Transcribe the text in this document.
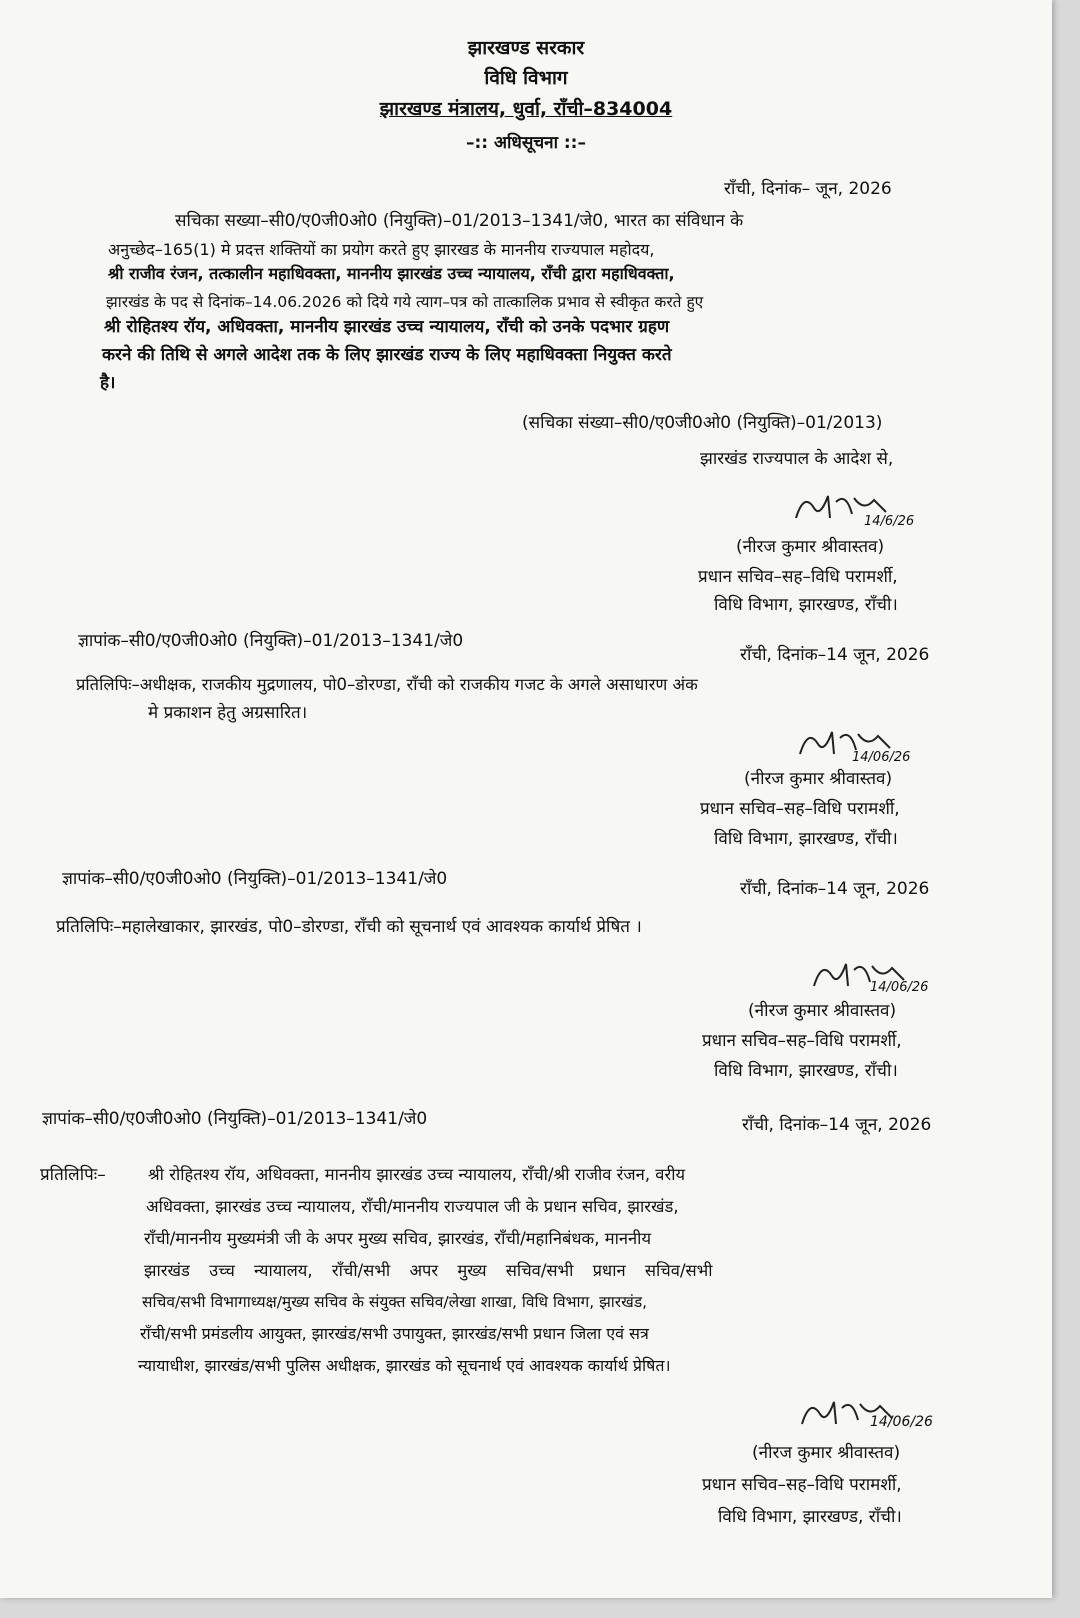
झारखण्ड सरकार
विधि विभाग
झारखण्ड मंत्रालय, धुर्वा, रॉंची–834004
–:: अधिसूचना ::–
रॉंची, दिनांक– जून, 2026
सचिका सख्या–सी0/ए0जी0ओ0 (नियुक्ति)–01/2013–1341/जे0, भारत का संविधान के
अनुच्छेद–165(1) मे प्रदत्त शक्तियों का प्रयोग करते हुए झारखड के माननीय राज्यपाल महोदय,
श्री राजीव रंजन, तत्कालीन महाधिवक्ता, माननीय झारखंड उच्च न्यायालय, राँची द्वारा महाधिवक्ता,
झारखंड के पद से दिनांक–14.06.2026 को दिये गये त्याग–पत्र को तात्कालिक प्रभाव से स्वीकृत करते हुए
श्री रोहितश्य रॉय, अधिवक्ता, माननीय झारखंड उच्च न्यायालय, रॉंची को उनके पदभार ग्रहण
करने की तिथि से अगले आदेश तक के लिए झारखंड राज्य के लिए महाधिवक्ता नियुक्त करते
है।
(सचिका संख्या–सी0/ए0जी0ओ0 (नियुक्ति)–01/2013)
झारखंड राज्यपाल के आदेश से,
14/6/26
(नीरज कुमार श्रीवास्तव)
प्रधान सचिव–सह–विधि परामर्शी,
विधि विभाग, झारखण्ड, रॉंची।
ज्ञापांक–सी0/ए0जी0ओ0 (नियुक्ति)–01/2013–1341/जे0
रॉंची, दिनांक–14 जून, 2026
प्रतिलिपिः–अधीक्षक, राजकीय मुद्रणालय, पो0–डोरण्डा, राँची को राजकीय गजट के अगले असाधारण अंक
मे प्रकाशन हेतु अग्रसारित।
14/06/26
(नीरज कुमार श्रीवास्तव)
प्रधान सचिव–सह–विधि परामर्शी,
विधि विभाग, झारखण्ड, रॉंची।
ज्ञापांक–सी0/ए0जी0ओ0 (नियुक्ति)–01/2013–1341/जे0	रॉंची, दिनांक–14 जून, 2026
प्रतिलिपिः–महालेखाकार, झारखंड, पो0–डोरण्डा, रॉंची को सूचनार्थ एवं आवश्यक कार्यार्थ प्रेषित ।
14/06/26
(नीरज कुमार श्रीवास्तव)
प्रधान सचिव–सह–विधि परामर्शी,
विधि विभाग, झारखण्ड, रॉंची।
ज्ञापांक–सी0/ए0जी0ओ0 (नियुक्ति)–01/2013–1341/जे0	रॉंची, दिनांक–14 जून, 2026
प्रतिलिपिः–	श्री रोहितश्य रॉय, अधिवक्ता, माननीय झारखंड उच्च न्यायालय, रॉंची/श्री राजीव रंजन, वरीय
अधिवक्ता, झारखंड उच्च न्यायालय, रॉंची/माननीय राज्यपाल जी के प्रधान सचिव, झारखंड,
रॉंची/माननीय मुख्यमंत्री जी के अपर मुख्य सचिव, झारखंड, रॉंची/महानिबंधक, माननीय
झारखंड उच्च न्यायालय, रॉंची/सभी अपर मुख्य सचिव/सभी प्रधान सचिव/सभी
सचिव/सभी विभागाध्यक्ष/मुख्य सचिव के संयुक्त सचिव/लेखा शाखा, विधि विभाग, झारखंड,
रॉंची/सभी प्रमंडलीय आयुक्त, झारखंड/सभी उपायुक्त, झारखंड/सभी प्रधान जिला एवं सत्र
न्यायाधीश, झारखंड/सभी पुलिस अधीक्षक, झारखंड को सूचनार्थ एवं आवश्यक कार्यार्थ प्रेषित।
14/06/26
(नीरज कुमार श्रीवास्तव)
प्रधान सचिव–सह–विधि परामर्शी,
विधि विभाग, झारखण्ड, रॉंची।
